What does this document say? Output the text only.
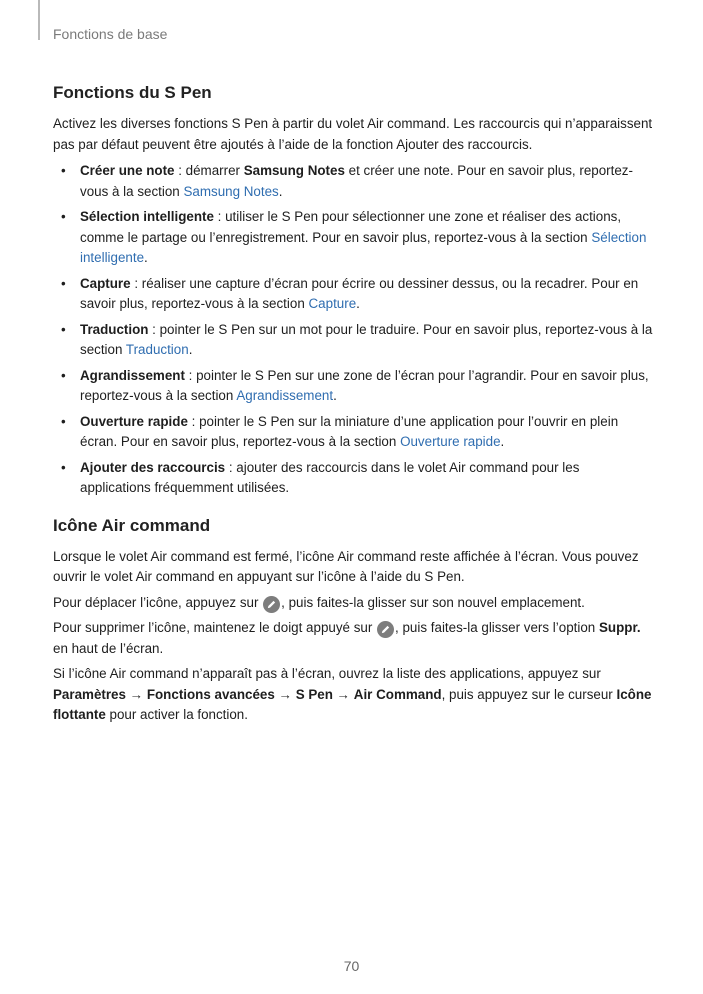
Fonctions de base
Fonctions du S Pen

Activez les diverses fonctions S Pen à partir du volet Air command. Les raccourcis qui n’apparaissent pas par défaut peuvent être ajoutés à l’aide de la fonction Ajouter des raccourcis.

• Créer une note : démarrer Samsung Notes et créer une note. Pour en savoir plus, reportez-vous à la section Samsung Notes.
• Sélection intelligente : utiliser le S Pen pour sélectionner une zone et réaliser des actions, comme le partage ou l’enregistrement. Pour en savoir plus, reportez-vous à la section Sélection intelligente.
• Capture : réaliser une capture d’écran pour écrire ou dessiner dessus, ou la recadrer. Pour en savoir plus, reportez-vous à la section Capture.
• Traduction : pointer le S Pen sur un mot pour le traduire. Pour en savoir plus, reportez-vous à la section Traduction.
• Agrandissement : pointer le S Pen sur une zone de l’écran pour l’agrandir. Pour en savoir plus, reportez-vous à la section Agrandissement.
• Ouverture rapide : pointer le S Pen sur la miniature d’une application pour l’ouvrir en plein écran. Pour en savoir plus, reportez-vous à la section Ouverture rapide.
• Ajouter des raccourcis : ajouter des raccourcis dans le volet Air command pour les applications fréquemment utilisées.
Icône Air command

Lorsque le volet Air command est fermé, l’icône Air command reste affichée à l’écran. Vous pouvez ouvrir le volet Air command en appuyant sur l’icône à l’aide du S Pen.

Pour déplacer l’icône, appuyez sur
, puis faites-la glisser sur son nouvel emplacement.

Pour supprimer l’icône, maintenez le doigt appuyé sur
, puis faites-la glisser vers l’option Suppr. en haut de l’écran.

Si l’icône Air command n’apparaît pas à l’écran, ouvrez la liste des applications, appuyez sur Paramètres → Fonctions avancées → S Pen → Air Command, puis appuyez sur le curseur Icône flottante pour activer la fonction.

70
